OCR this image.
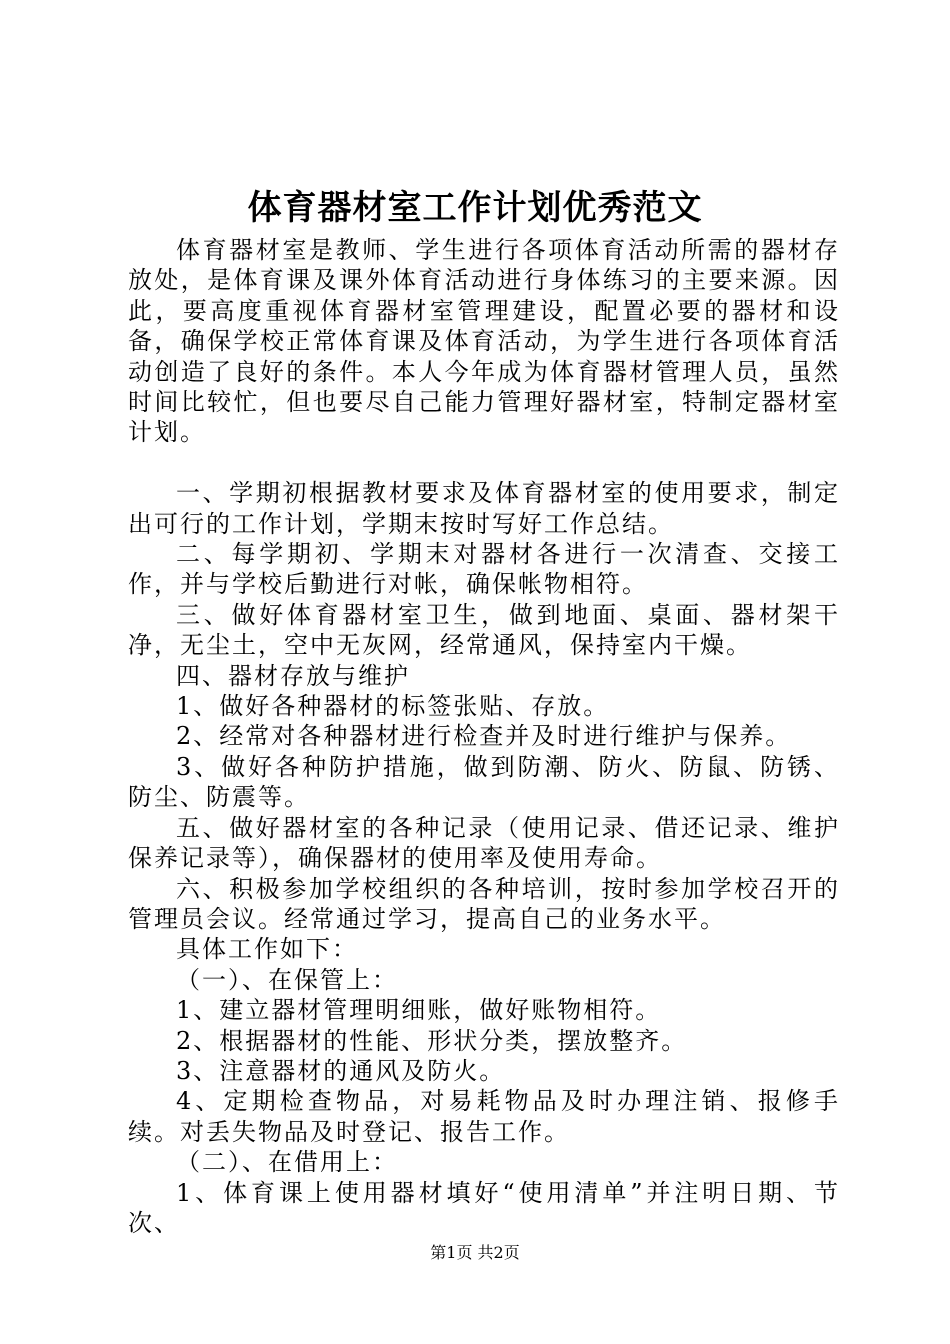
体育器材室工作计划优秀范文

体育器材室是教师、学生进行各项体育活动所需的器材存放处，是体育课及课外体育活动进行身体练习的主要来源。因此，要高度重视体育器材室管理建设，配置必要的器材和设备，确保学校正常体育课及体育活动，为学生进行各项体育活动创造了良好的条件。本人今年成为体育器材管理人员，虽然时间比较忙，但也要尽自己能力管理好器材室，特制定器材室计划。

一、学期初根据教材要求及体育器材室的使用要求，制定出可行的工作计划，学期末按时写好工作总结。

二、每学期初、学期末对器材各进行一次清查、交接工作，并与学校后勤进行对帐，确保帐物相符。

三、做好体育器材室卫生，做到地面、桌面、器材架干净，无尘土，空中无灰网，经常通风，保持室内干燥。

四、器材存放与维护

1、做好各种器材的标签张贴、存放。

2、经常对各种器材进行检查并及时进行维护与保养。

3、做好各种防护措施，做到防潮、防火、防鼠、防锈、防尘、防震等。

五、做好器材室的各种记录（使用记录、借还记录、维护保养记录等），确保器材的使用率及使用寿命。

六、积极参加学校组织的各种培训，按时参加学校召开的管理员会议。经常通过学习，提高自己的业务水平。

具体工作如下：

（一）、在保管上：

1、建立器材管理明细账，做好账物相符。

2、根据器材的性能、形状分类，摆放整齐。

3、注意器材的通风及防火。

4、定期检查物品，对易耗物品及时办理注销、报修手续。对丢失物品及时登记、报告工作。

（二）、在借用上：

1、体育课上使用器材填好“使用清单”并注明日期、节次、

第1页 共2页
